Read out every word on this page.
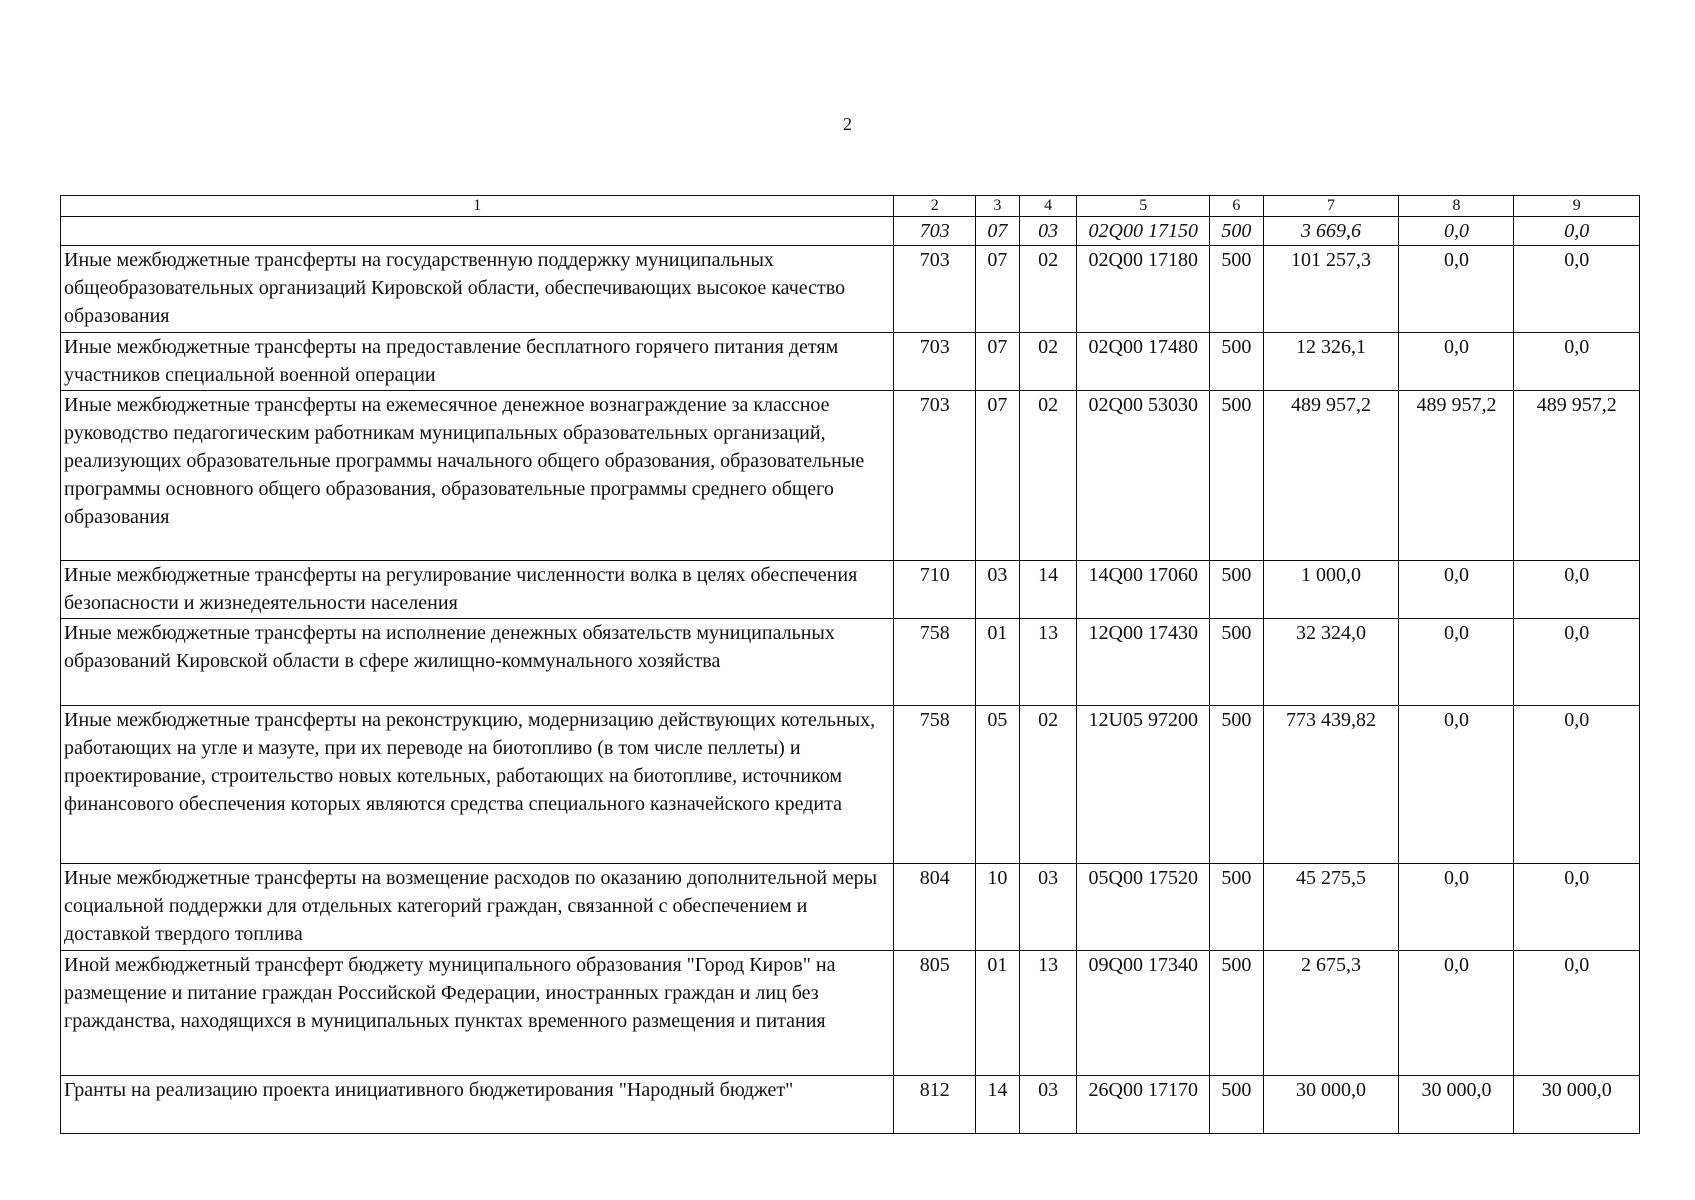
2
1	2	3	4	5	6	7	8	9
	703	07	03	02Q00 17150	500	3 669,6	0,0	0,0
Иные межбюджетные трансферты на государственную поддержку муниципальных общеобразовательных организаций Кировской области, обеспечивающих высокое качество образования	703	07	02	02Q00 17180	500	101 257,3	0,0	0,0
Иные межбюджетные трансферты на предоставление бесплатного горячего питания детям участников специальной военной операции	703	07	02	02Q00 17480	500	12 326,1	0,0	0,0
Иные межбюджетные трансферты на ежемесячное денежное вознаграждение за классное руководство педагогическим работникам муниципальных образовательных организаций, реализующих образовательные программы начального общего образования, образовательные программы основного общего образования, образовательные программы среднего общего образования	703	07	02	02Q00 53030	500	489 957,2	489 957,2	489 957,2
Иные межбюджетные трансферты на регулирование численности волка в целях обеспечения безопасности и жизнедеятельности населения	710	03	14	14Q00 17060	500	1 000,0	0,0	0,0
Иные межбюджетные трансферты на исполнение денежных обязательств муниципальных образований Кировской области в сфере жилищно-коммунального хозяйства	758	01	13	12Q00 17430	500	32 324,0	0,0	0,0
Иные межбюджетные трансферты на реконструкцию, модернизацию действующих котельных, работающих на угле и мазуте, при их переводе на биотопливо (в том числе пеллеты) и проектирование, строительство новых котельных, работающих на биотопливе, источником финансового обеспечения которых являются средства специального казначейского кредита	758	05	02	12U05 97200	500	773 439,82	0,0	0,0
Иные межбюджетные трансферты на возмещение расходов по оказанию дополнительной меры социальной поддержки для отдельных категорий граждан, связанной с обеспечением и доставкой твердого топлива	804	10	03	05Q00 17520	500	45 275,5	0,0	0,0
Иной межбюджетный трансферт бюджету муниципального образования "Город Киров" на размещение и питание граждан Российской Федерации, иностранных граждан и лиц без гражданства, находящихся в муниципальных пунктах временного размещения и питания	805	01	13	09Q00 17340	500	2 675,3	0,0	0,0
Гранты на реализацию проекта инициативного бюджетирования "Народный бюджет"	812	14	03	26Q00 17170	500	30 000,0	30 000,0	30 000,0
